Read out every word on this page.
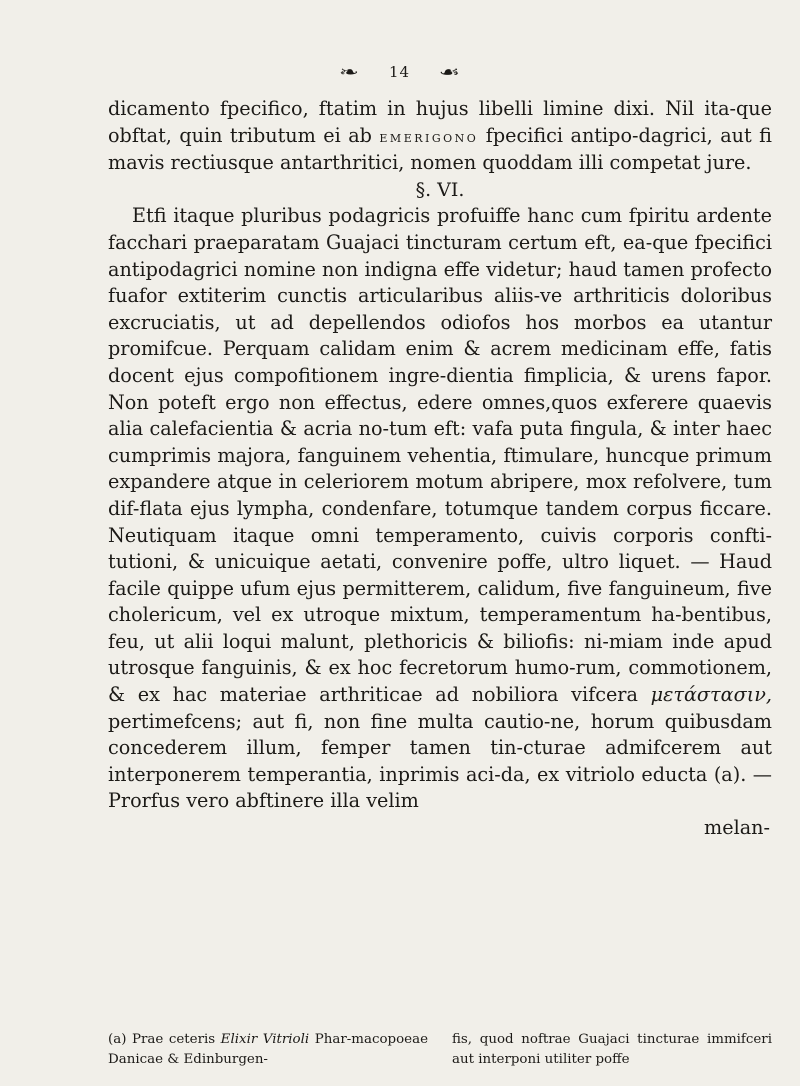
❧ 14 ☙

dicamento fpecifico, ftatim in hujus libelli limine dixi. Nil ita-que obftat, quin tributum ei ab emerigono fpecifici antipo-dagrici, aut fi mavis rectiusque antarthritici, nomen quoddam illi competat jure.

§. VI.

Etfi itaque pluribus podagricis profuiffe hanc cum fpiritu ardente facchari praeparatam Guajaci tincturam certum eft, ea-que fpecifici antipodagrici nomine non indigna effe videtur; haud tamen profecto fuafor extiterim cunctis articularibus aliis-ve arthriticis doloribus excruciatis, ut ad depellendos odiofos hos morbos ea utantur promifcue. Perquam calidam enim & acrem medicinam effe, fatis docent ejus compofitionem ingre-dientia fimplicia, & urens fapor. Non poteft ergo non effectus, edere omnes,quos exferere quaevis alia calefacientia & acria no-tum eft: vafa puta fingula, & inter haec cumprimis majora, fanguinem vehentia, ftimulare, huncque primum expandere atque in celeriorem motum abripere, mox refolvere, tum dif-flata ejus lympha, condenfare, totumque tandem corpus ficcare. Neutiquam itaque omni temperamento, cuivis corporis confti-tutioni, & unicuique aetati, convenire poffe, ultro liquet. — Haud facile quippe ufum ejus permitterem, calidum, five fanguineum, five cholericum, vel ex utroque mixtum, temperamentum ha-bentibus, feu, ut alii loqui malunt, plethoricis & biliofis: ni-miam inde apud utrosque fanguinis, & ex hoc fecretorum humo-rum, commotionem, & ex hac materiae arthriticae ad nobiliora vifcera μετάστασιν, pertimefcens; aut fi, non fine multa cautio-ne, horum quibusdam concederem illum, femper tamen tin-cturae admifcerem aut interponerem temperantia, inprimis aci-da, ex vitriolo educta (a). — Prorfus vero abftinere illa velim

melan-

(a) Prae ceteris Elixir Vitrioli Phar-macopoeae Danicae & Edinburgen-
fis, quod noftrae Guajaci tincturae immifceri aut interponi utiliter poffe
